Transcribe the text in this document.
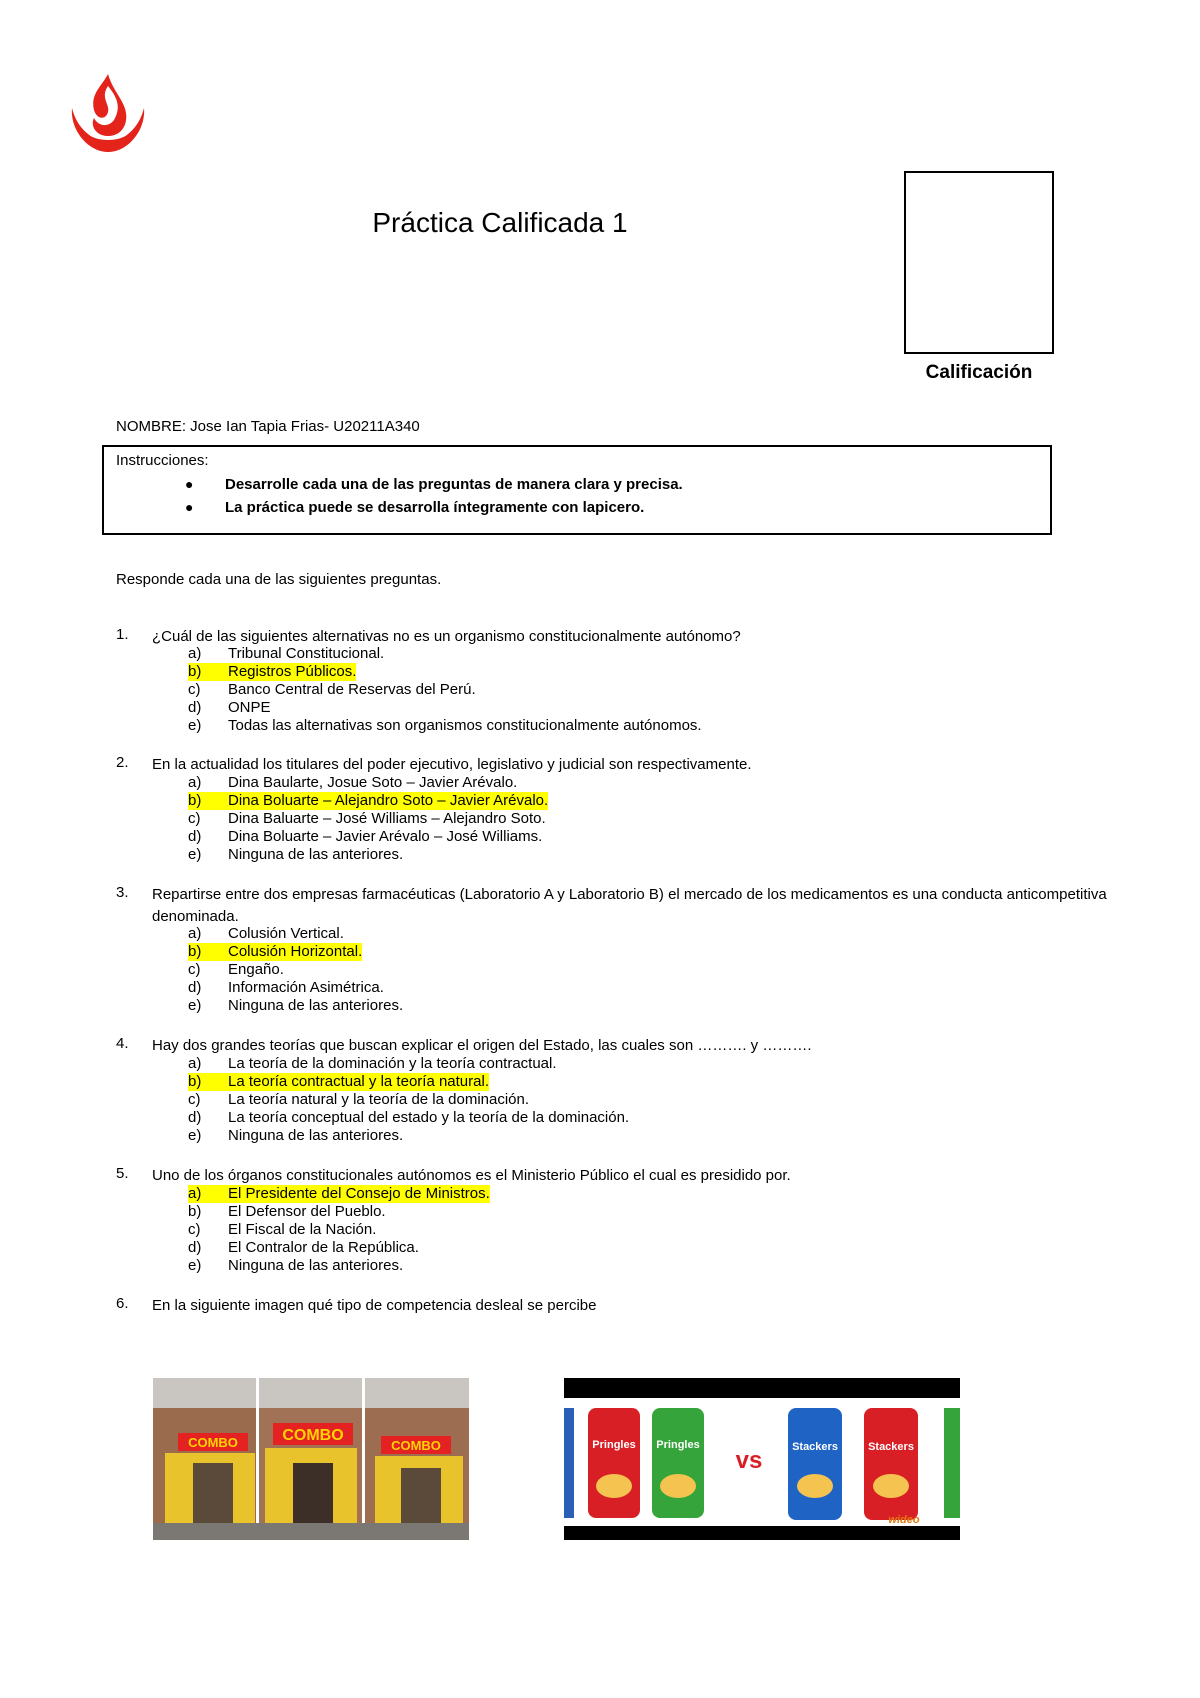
Práctica Calificada 1
Calificación
NOMBRE: Jose Ian Tapia Frias- U20211A340
Instrucciones:
● Desarrolle cada una de las preguntas de manera clara y precisa.
● La práctica puede se desarrolla íntegramente con lapicero.
Responde cada una de las siguientes preguntas.
1. ¿Cuál de las siguientes alternativas no es un organismo constitucionalmente autónomo?
a) Tribunal Constitucional.
b) Registros Públicos.
c) Banco Central de Reservas del Perú.
d) ONPE
e) Todas las alternativas son organismos constitucionalmente autónomos.
2. En la actualidad los titulares del poder ejecutivo, legislativo y judicial son respectivamente.
a) Dina Baularte, Josue Soto – Javier Arévalo.
b) Dina Boluarte – Alejandro Soto – Javier Arévalo.
c) Dina Baluarte – José Williams – Alejandro Soto.
d) Dina Boluarte – Javier Arévalo – José Williams.
e) Ninguna de las anteriores.
3. Repartirse entre dos empresas farmacéuticas (Laboratorio A y Laboratorio B) el mercado de los medicamentos es una conducta anticompetitiva denominada.
a) Colusión Vertical.
b) Colusión Horizontal.
c) Engaño.
d) Información Asimétrica.
e) Ninguna de las anteriores.
4. Hay dos grandes teorías que buscan explicar el origen del Estado, las cuales son ………. y ……….
a) La teoría de la dominación y la teoría contractual.
b) La teoría contractual y la teoría natural.
c) La teoría natural y la teoría de la dominación.
d) La teoría conceptual del estado y la teoría de la dominación.
e) Ninguna de las anteriores.
5. Uno de los órganos constitucionales autónomos es el Ministerio Público el cual es presidido por.
a) El Presidente del Consejo de Ministros.
b) El Defensor del Pueblo.
c) El Fiscal de la Nación.
d) El Contralor de la República.
e) Ninguna de las anteriores.
6. En la siguiente imagen qué tipo de competencia desleal se percibe
COMBO	COMBO
COMBO	Pringles Pringles
vs	Stackers	Stackers
wideo
